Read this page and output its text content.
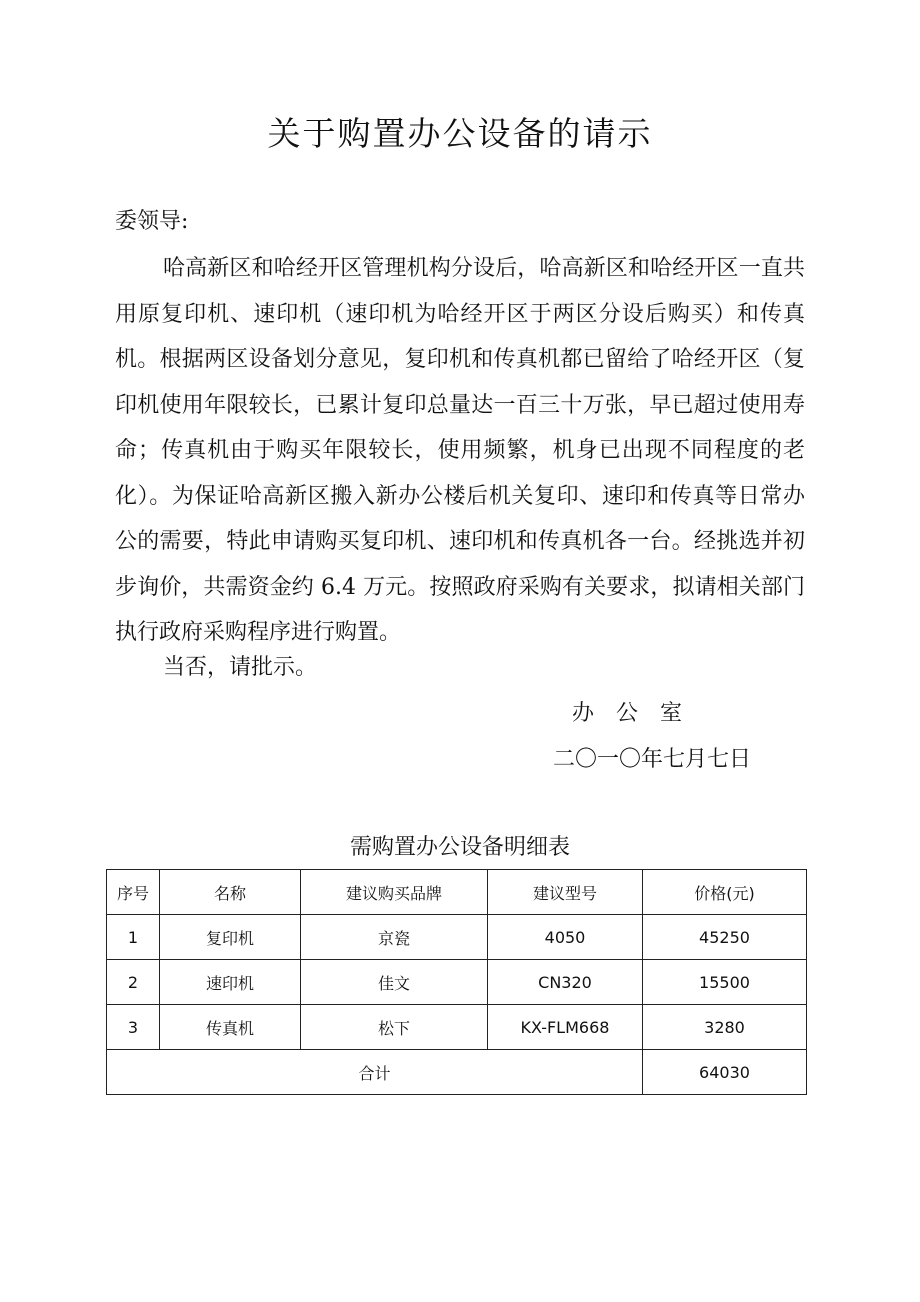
关于购置办公设备的请示
委领导:

哈高新区和哈经开区管理机构分设后，哈高新区和哈经开区一直共用原复印机、速印机（速印机为哈经开区于两区分设后购买）和传真机。根据两区设备划分意见，复印机和传真机都已留给了哈经开区（复印机使用年限较长，已累计复印总量达一百三十万张，早已超过使用寿命；传真机由于购买年限较长，使用频繁，机身已出现不同程度的老化）。为保证哈高新区搬入新办公楼后机关复印、速印和传真等日常办公的需要，特此申请购买复印机、速印机和传真机各一台。经挑选并初步询价，共需资金约 6.4 万元。按照政府采购有关要求，拟请相关部门执行政府采购程序进行购置。

当否，请批示。
办公室
二〇一〇年七月七日
需购置办公设备明细表
序号	名称	建议购买品牌	建议型号	价格(元)
1	复印机	京瓷	4050	45250
2	速印机	佳文	CN320	15500
3	传真机	松下	KX-FLM668	3280
合计				64030
